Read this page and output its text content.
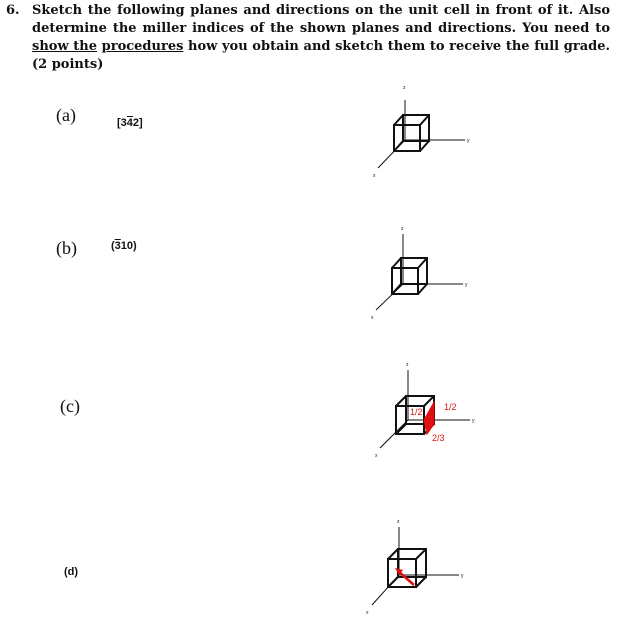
6. Sketch the following planes and directions on the unit cell in front of it. Also determine the miller indices of the shown planes and directions. You need to show the procedures how you obtain and sketch them to receive the full grade. (2 points)
(a)	[342]
(b)	(310)
(c)
(d)
z
y
x
z
y
x
z
y
x
1/2 1/2
2/3
z
y
x
